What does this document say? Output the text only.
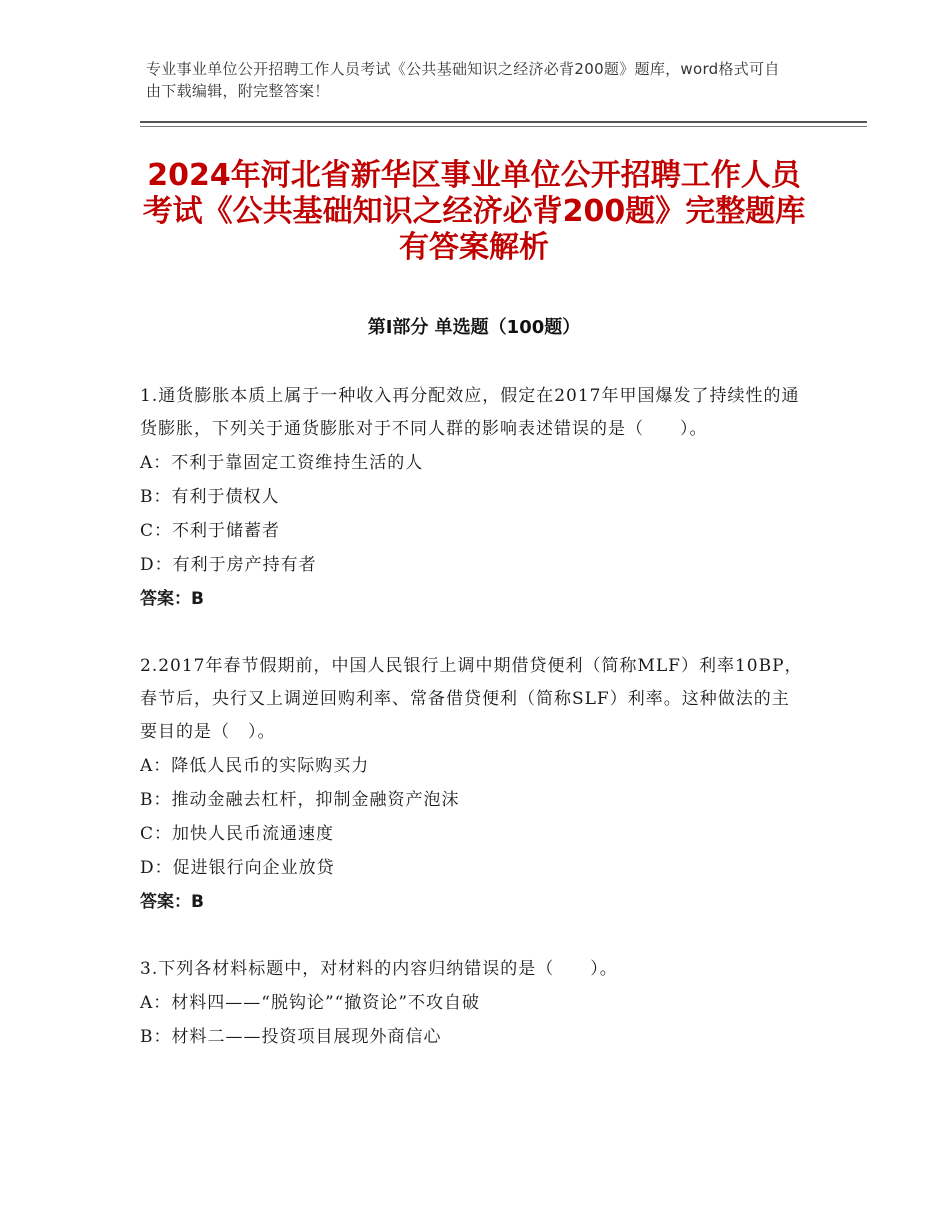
专业事业单位公开招聘工作人员考试《公共基础知识之经济必背200题》题库，word格式可自由下载编辑，附完整答案！
2024年河北省新华区事业单位公开招聘工作人员考试《公共基础知识之经济必背200题》完整题库有答案解析
第Ⅰ部分 单选题（100题）

1.通货膨胀本质上属于一种收入再分配效应，假定在2017年甲国爆发了持续性的通货膨胀，下列关于通货膨胀对于不同人群的影响表述错误的是（　　）。

A：不利于靠固定工资维持生活的人

B：有利于债权人

C：不利于储蓄者

D：有利于房产持有者

答案：B

2.2017年春节假期前，中国人民银行上调中期借贷便利（简称MLF）利率10BP，春节后，央行又上调逆回购利率、常备借贷便利（简称SLF）利率。这种做法的主要目的是（　）。

A：降低人民币的实际购买力

B：推动金融去杠杆，抑制金融资产泡沫

C：加快人民币流通速度

D：促进银行向企业放贷

答案：B

3.下列各材料标题中，对材料的内容归纳错误的是（　　）。

A：材料四——“脱钩论”“撤资论”不攻自破

B：材料二——投资项目展现外商信心
